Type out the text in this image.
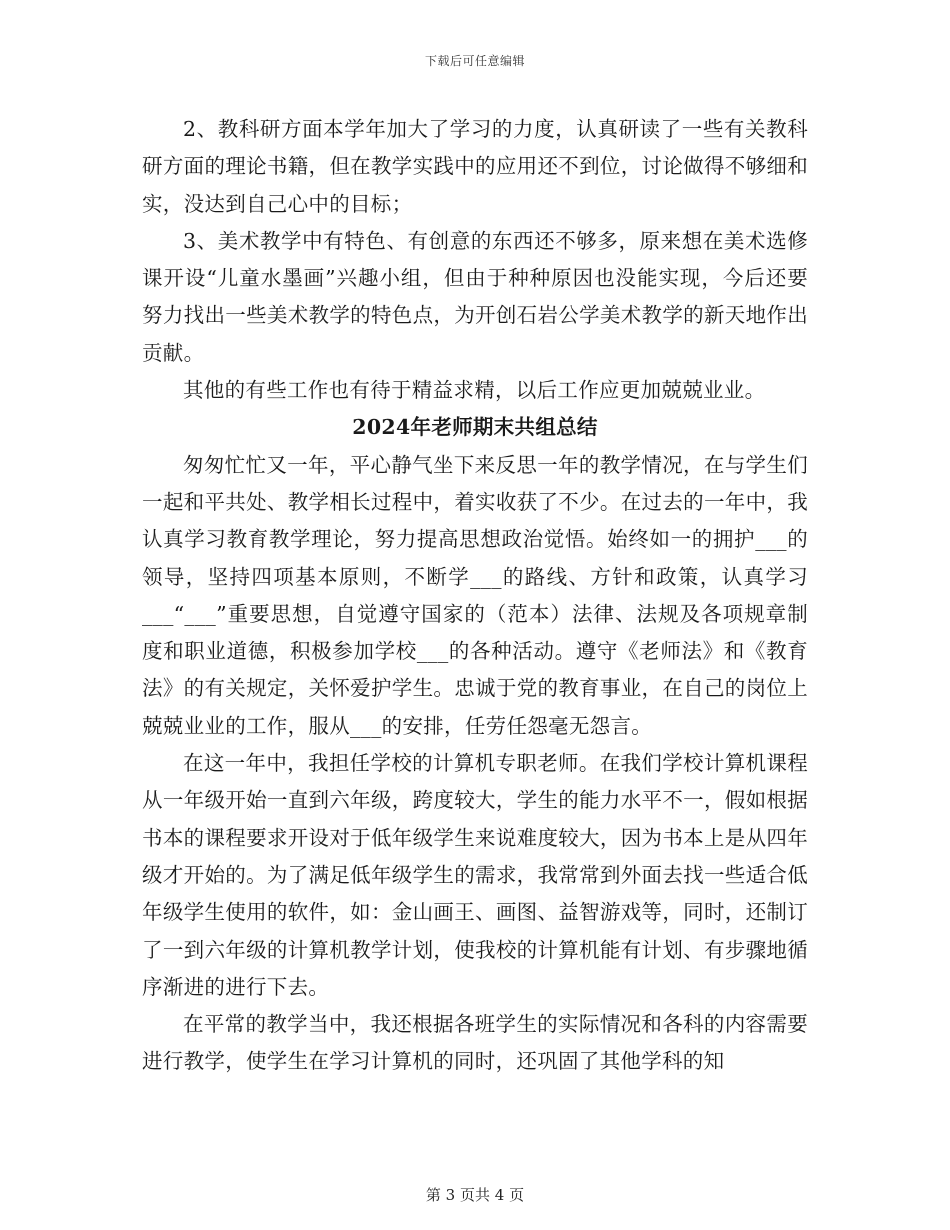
下载后可任意编辑

2、教科研方面本学年加大了学习的力度，认真研读了一些有关教科研方面的理论书籍，但在教学实践中的应用还不到位，讨论做得不够细和实，没达到自己心中的目标；

3、美术教学中有特色、有创意的东西还不够多，原来想在美术选修课开设“儿童水墨画”兴趣小组，但由于种种原因也没能实现，今后还要努力找出一些美术教学的特色点，为开创石岩公学美术教学的新天地作出贡献。

其他的有些工作也有待于精益求精，以后工作应更加兢兢业业。

2024年老师期末共组总结

匆匆忙忙又一年，平心静气坐下来反思一年的教学情况，在与学生们一起和平共处、教学相长过程中，着实收获了不少。在过去的一年中，我认真学习教育教学理论，努力提高思想政治觉悟。始终如一的拥护___的领导，坚持四项基本原则，不断学___的路线、方针和政策，认真学习___“___”重要思想，自觉遵守国家的（范本）法律、法规及各项规章制度和职业道德，积极参加学校___的各种活动。遵守《老师法》和《教育法》的有关规定，关怀爱护学生。忠诚于党的教育事业，在自己的岗位上兢兢业业的工作，服从___的安排，任劳任怨毫无怨言。

在这一年中，我担任学校的计算机专职老师。在我们学校计算机课程从一年级开始一直到六年级，跨度较大，学生的能力水平不一，假如根据书本的课程要求开设对于低年级学生来说难度较大，因为书本上是从四年级才开始的。为了满足低年级学生的需求，我常常到外面去找一些适合低年级学生使用的软件，如：金山画王、画图、益智游戏等，同时，还制订了一到六年级的计算机教学计划，使我校的计算机能有计划、有步骤地循序渐进的进行下去。

在平常的教学当中，我还根据各班学生的实际情况和各科的内容需要进行教学，使学生在学习计算机的同时，还巩固了其他学科的知

第 3 页共 4 页
